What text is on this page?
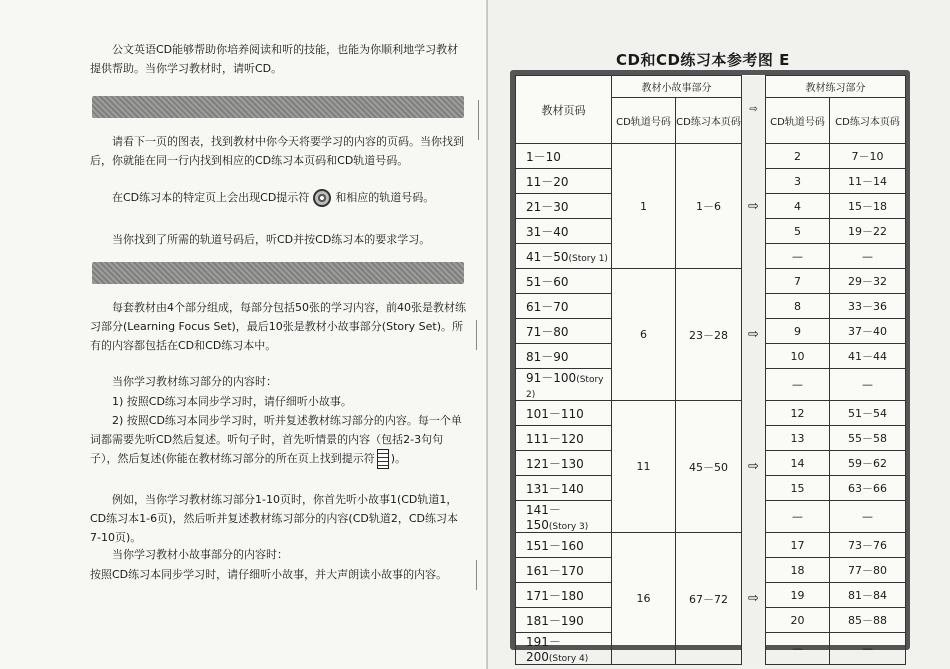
公文英语CD能够帮助你培养阅读和听的技能，也能为你顺利地学习教材提供帮助。当你学习教材时，请听CD。

请看下一页的图表，找到教材中你今天将要学习的内容的页码。当你找到后，你就能在同一行内找到相应的CD练习本页码和CD轨道号码。

在CD练习本的特定页上会出现CD提示符 和相应的轨道号码。

当你找到了所需的轨道号码后，听CD并按CD练习本的要求学习。

每套教材由4个部分组成，每部分包括50张的学习内容，前40张是教材练习部分(Learning Focus Set)，最后10张是教材小故事部分(Story Set)。所有的内容都包括在CD和CD练习本中。

当你学习教材练习部分的内容时：

1) 按照CD练习本同步学习时，请仔细听小故事。

2) 按照CD练习本同步学习时，听并复述教材练习部分的内容。每一个单词都需要先听CD然后复述。听句子时，首先听情景的内容（包括2-3句句子），然后复述(你能在教材练习部分的所在页上找到提示符 )。

例如，当你学习教材练习部分1-10页时，你首先听小故事1(CD轨道1，CD练习本1-6页)，然后听并复述教材练习部分的内容(CD轨道2，CD练习本7-10页)。

当你学习教材小故事部分的内容时：

按照CD练习本同步学习时，请仔细听小故事，并大声朗读小故事的内容。

CD和CD练习本参考图 E
教材页码	教材小故事部分		⇨	教材练习部分	
	CD轨道号码	CD练习本页码		CD轨道号码	CD练习本页码
1－10	1	1－6	⇨	2	7－10
11－20				3	11－14
21－30				4	15－18
31－40				5	19－22
41－50(Story 1)				—	—
51－60	6	23－28	⇨	7	29－32
61－70				8	33－36
71－80				9	37－40
81－90				10	41－44
91－100(Story 2)				—	—
101－110	11	45－50	⇨	12	51－54
111－120				13	55－58
121－130				14	59－62
131－140				15	63－66
141－150(Story 3)				—	—
151－160	16	67－72	⇨	17	73－76
161－170				18	77－80
171－180				19	81－84
181－190				20	85－88
191－200(Story 4)				—	—
